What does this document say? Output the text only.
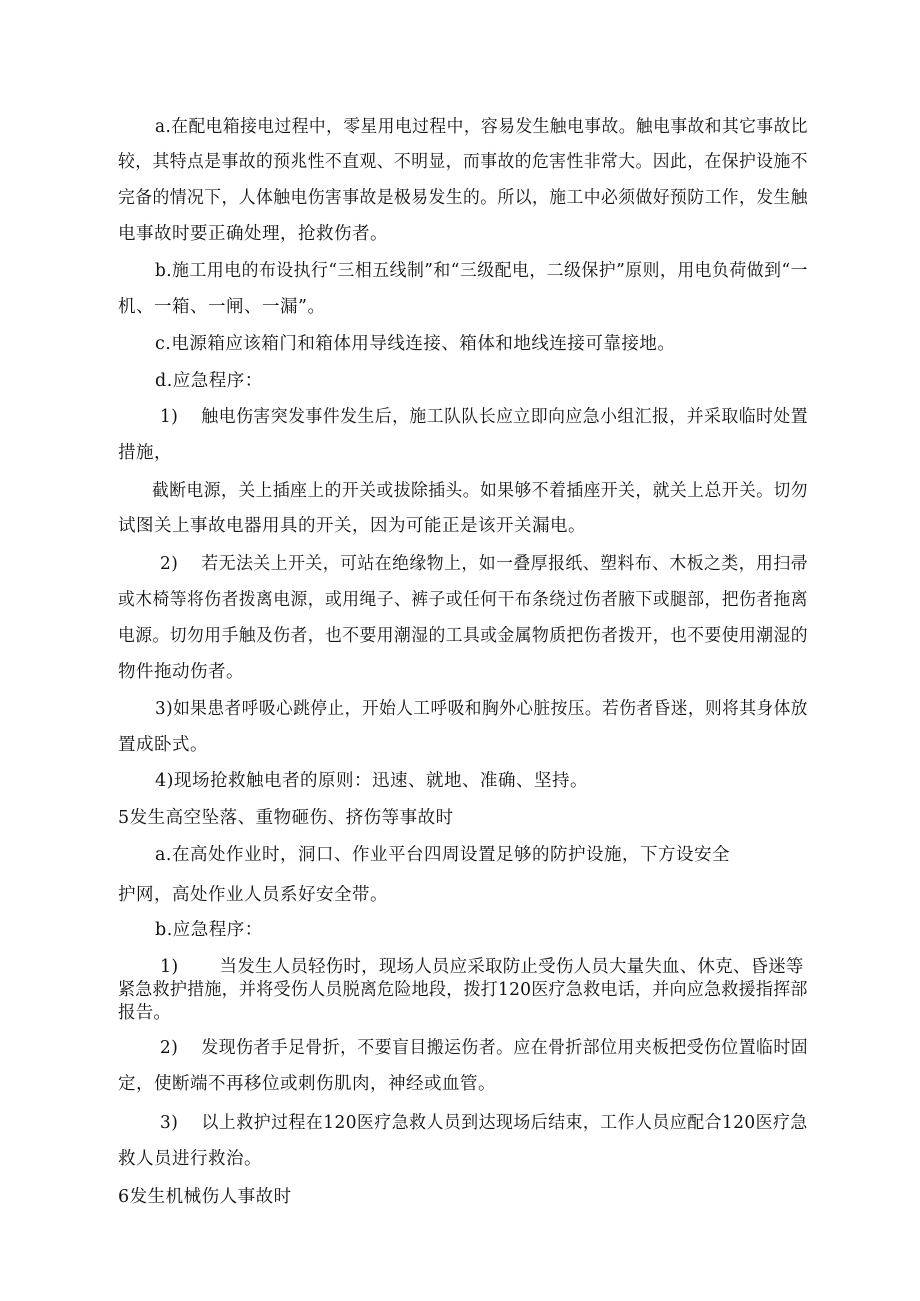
a.在配电箱接电过程中，零星用电过程中，容易发生触电事故。触电事故和其它事故比
较，其特点是事故的预兆性不直观、不明显，而事故的危害性非常大。因此，在保护设施不
完备的情况下，人体触电伤害事故是极易发生的。所以，施工中必须做好预防工作，发生触
电事故时要正确处理，抢救伤者。
b.施工用电的布设执行“三相五线制”和“三级配电，二级保护”原则，用电负荷做到“一
机、一箱、一闸、一漏”。
c.电源箱应该箱门和箱体用导线连接、箱体和地线连接可靠接地。
d.应急程序：
1)　 触电伤害突发事件发生后，施工队队长应立即向应急小组汇报，并采取临时处置
措施，
截断电源，关上插座上的开关或拔除插头。如果够不着插座开关，就关上总开关。切勿
试图关上事故电器用具的开关，因为可能正是该开关漏电。
2)　 若无法关上开关，可站在绝缘物上，如一叠厚报纸、塑料布、木板之类，用扫帚
或木椅等将伤者拨离电源，或用绳子、裤子或任何干布条绕过伤者腋下或腿部，把伤者拖离
电源。切勿用手触及伤者，也不要用潮湿的工具或金属物质把伤者拨开，也不要使用潮湿的
物件拖动伤者。
3)如果患者呼吸心跳停止，开始人工呼吸和胸外心脏按压。若伤者昏迷，则将其身体放
置成卧式。
4)现场抢救触电者的原则：迅速、就地、准确、坚持。
5发生高空坠落、重物砸伤、挤伤等事故时
a.在高处作业时，洞口、作业平台四周设置足够的防护设施，下方设安全
护网，高处作业人员系好安全带。
b.应急程序：
1)　　 当发生人员轻伤时，现场人员应采取防止受伤人员大量失血、休克、昏迷等
紧急救护措施，并将受伤人员脱离危险地段，拨打120医疗急救电话，并向应急救援指挥部
报告。
2)　 发现伤者手足骨折，不要盲目搬运伤者。应在骨折部位用夹板把受伤位置临时固
定，使断端不再移位或刺伤肌肉，神经或血管。
3)　 以上救护过程在120医疗急救人员到达现场后结束，工作人员应配合120医疗急
救人员进行救治。
6发生机械伤人事故时
